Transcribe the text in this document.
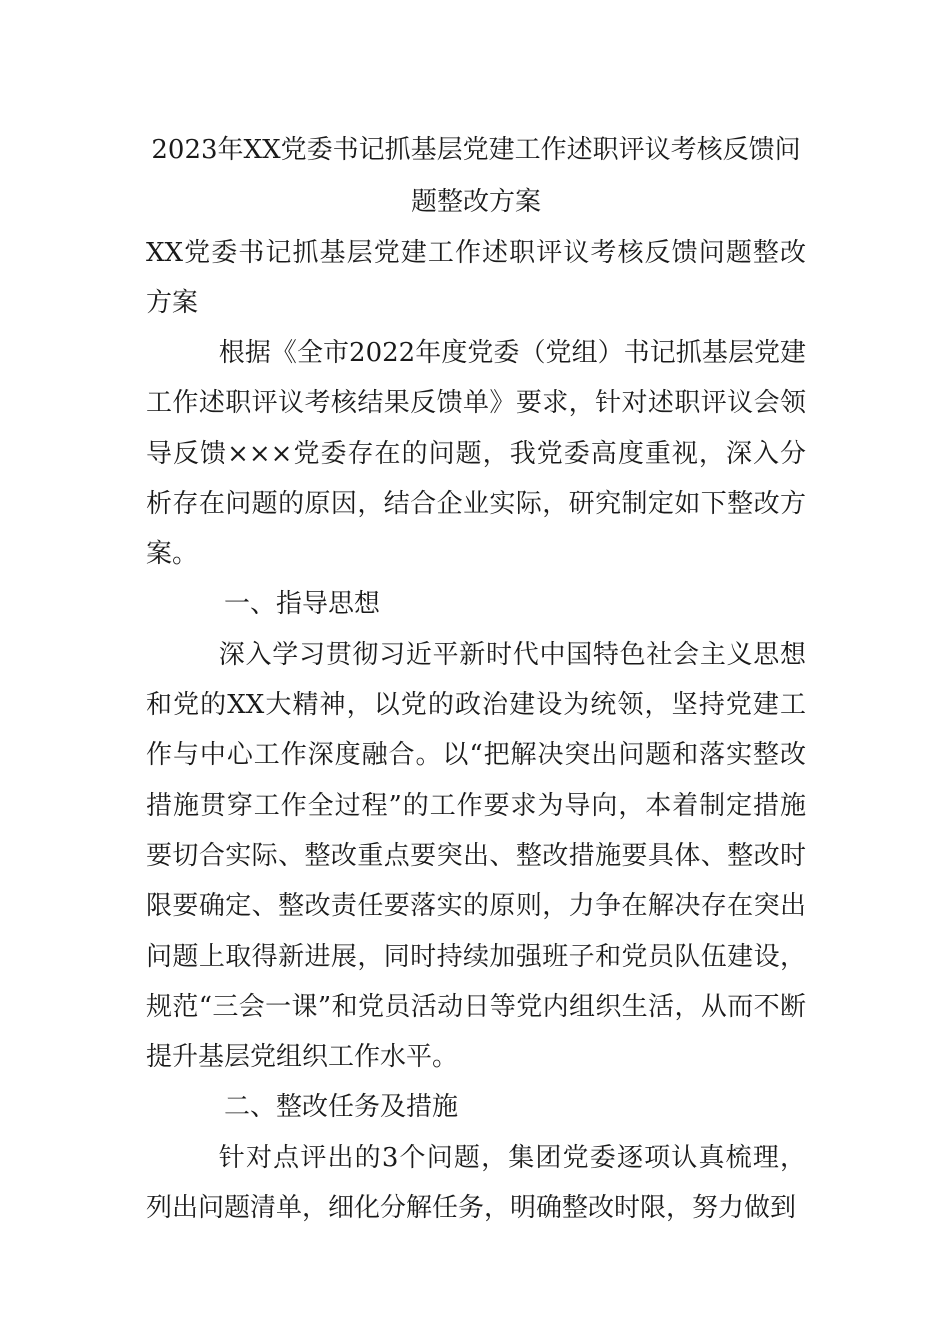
2023年XX党委书记抓基层党建工作述职评议考核反馈问题整改方案
XX党委书记抓基层党建工作述职评议考核反馈问题整改方案

根据《全市2022年度党委（党组）书记抓基层党建工作述职评议考核结果反馈单》要求，针对述职评议会领导反馈×××党委存在的问题，我党委高度重视，深入分析存在问题的原因，结合企业实际，研究制定如下整改方案。

一、指导思想

深入学习贯彻习近平新时代中国特色社会主义思想和党的XX大精神，以党的政治建设为统领，坚持党建工作与中心工作深度融合。以“把解决突出问题和落实整改措施贯穿工作全过程”的工作要求为导向，本着制定措施要切合实际、整改重点要突出、整改措施要具体、整改时限要确定、整改责任要落实的原则，力争在解决存在突出问题上取得新进展，同时持续加强班子和党员队伍建设，规范“三会一课”和党员活动日等党内组织生活，从而不断提升基层党组织工作水平。

二、整改任务及措施

针对点评出的3个问题，集团党委逐项认真梳理，列出问题清单，细化分解任务，明确整改时限，努力做到
